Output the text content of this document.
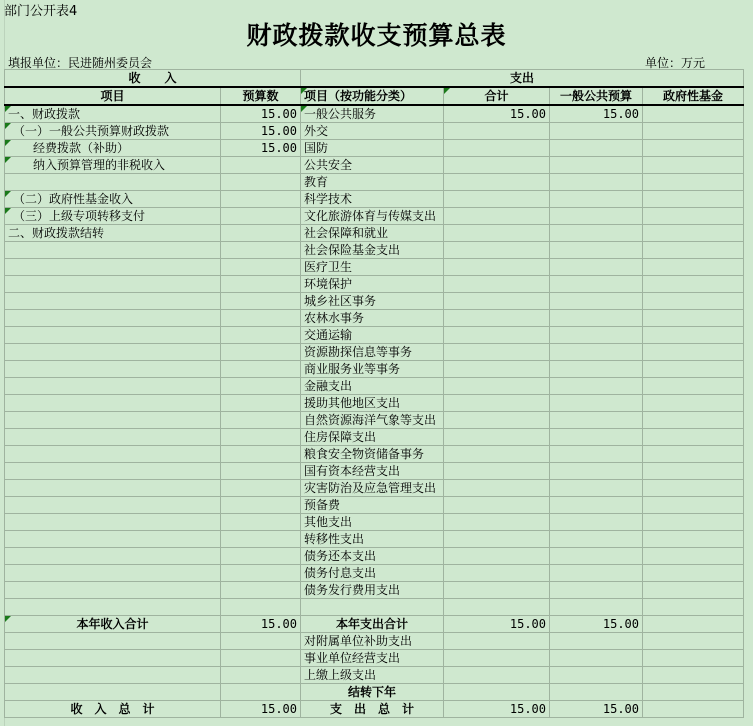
部门公开表4
财政拨款收支预算总表
填报单位：民进随州委员会	单位：万元
收　　入		支出			
项目	预算数	项目（按功能分类）	合计	一般公共预算	政府性基金
一、财政拨款	15.00	一般公共服务	15.00	15.00	
（一）一般公共预算财政拨款	15.00	外交			
经费拨款（补助）	15.00	国防			
纳入预算管理的非税收入		公共安全			
		教育			
（二）政府性基金收入		科学技术			
（三）上级专项转移支付		文化旅游体育与传媒支出			
二、财政拨款结转		社会保障和就业			
		社会保险基金支出			
		医疗卫生			
		环境保护			
		城乡社区事务			
		农林水事务			
		交通运输			
		资源勘探信息等事务			
		商业服务业等事务			
		金融支出			
		援助其他地区支出			
		自然资源海洋气象等支出			
		住房保障支出			
		粮食安全物资储备事务			
		国有资本经营支出			
		灾害防治及应急管理支出			
		预备费			
		其他支出			
		转移性支出			
		债务还本支出			
		债务付息支出			
		债务发行费用支出			

本年收入合计	15.00	本年支出合计	15.00	15.00	
		对附属单位补助支出			
		事业单位经营支出			
		上缴上级支出			
		结转下年			
收　入　总　计	15.00	支　出　总　计	15.00	15.00	
